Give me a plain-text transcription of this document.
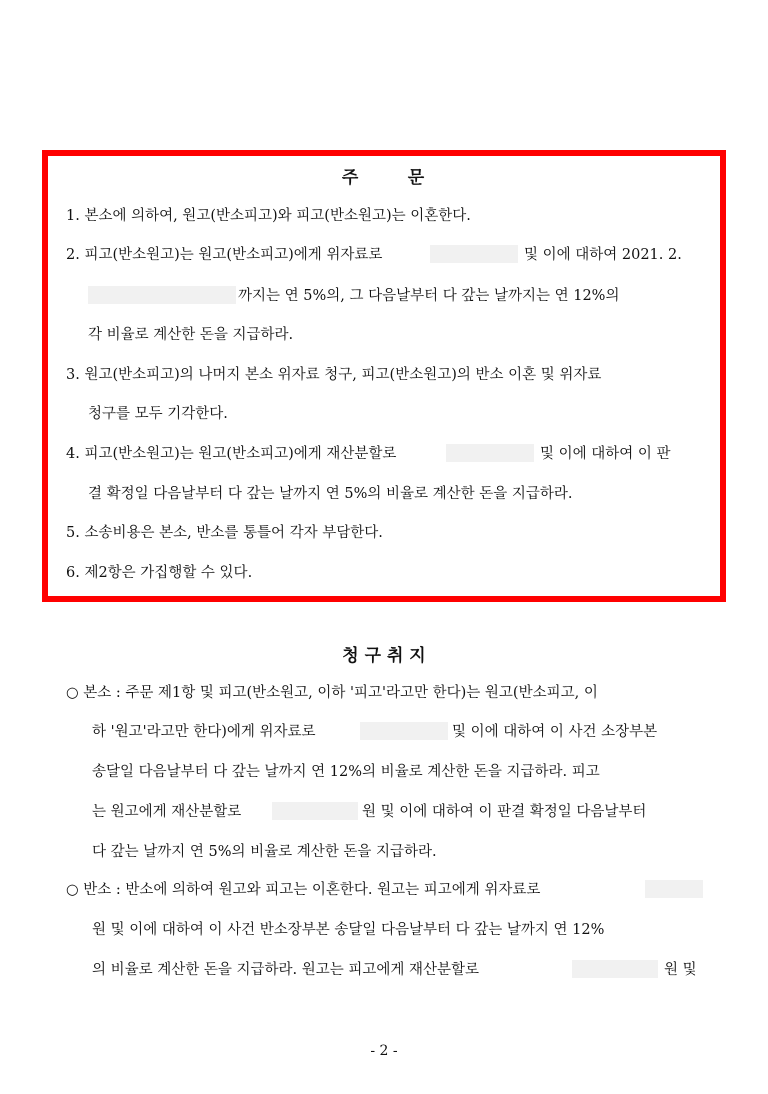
주      문
1. 본소에 의하여, 원고(반소피고)와 피고(반소원고)는 이혼한다.
2. 피고(반소원고)는 원고(반소피고)에게 위자료로	및 이에 대하여 2021. 2.
까지는 연 5%의, 그 다음날부터 다 갚는 날까지는 연 12%의
각 비율로 계산한 돈을 지급하라.
3. 원고(반소피고)의 나머지 본소 위자료 청구, 피고(반소원고)의 반소 이혼 및 위자료
청구를 모두 기각한다.
4. 피고(반소원고)는 원고(반소피고)에게 재산분할로	및 이에 대하여 이 판
결 확정일 다음날부터 다 갚는 날까지 연 5%의 비율로 계산한 돈을 지급하라.
5. 소송비용은 본소, 반소를 통틀어 각자 부담한다.
6. 제2항은 가집행할 수 있다.
청 구 취 지
○ 본소 : 주문 제1항 및 피고(반소원고, 이하 '피고'라고만 한다)는 원고(반소피고, 이
하 '원고'라고만 한다)에게 위자료로	및 이에 대하여 이 사건 소장부본
송달일 다음날부터 다 갚는 날까지 연 12%의 비율로 계산한 돈을 지급하라. 피고
는 원고에게 재산분할로	원 및 이에 대하여 이 판결 확정일 다음날부터
다 갚는 날까지 연 5%의 비율로 계산한 돈을 지급하라.
○ 반소 : 반소에 의하여 원고와 피고는 이혼한다. 원고는 피고에게 위자료로
원 및 이에 대하여 이 사건 반소장부본 송달일 다음날부터 다 갚는 날까지 연 12%
의 비율로 계산한 돈을 지급하라. 원고는 피고에게 재산분할로	원 및
- 2 -
